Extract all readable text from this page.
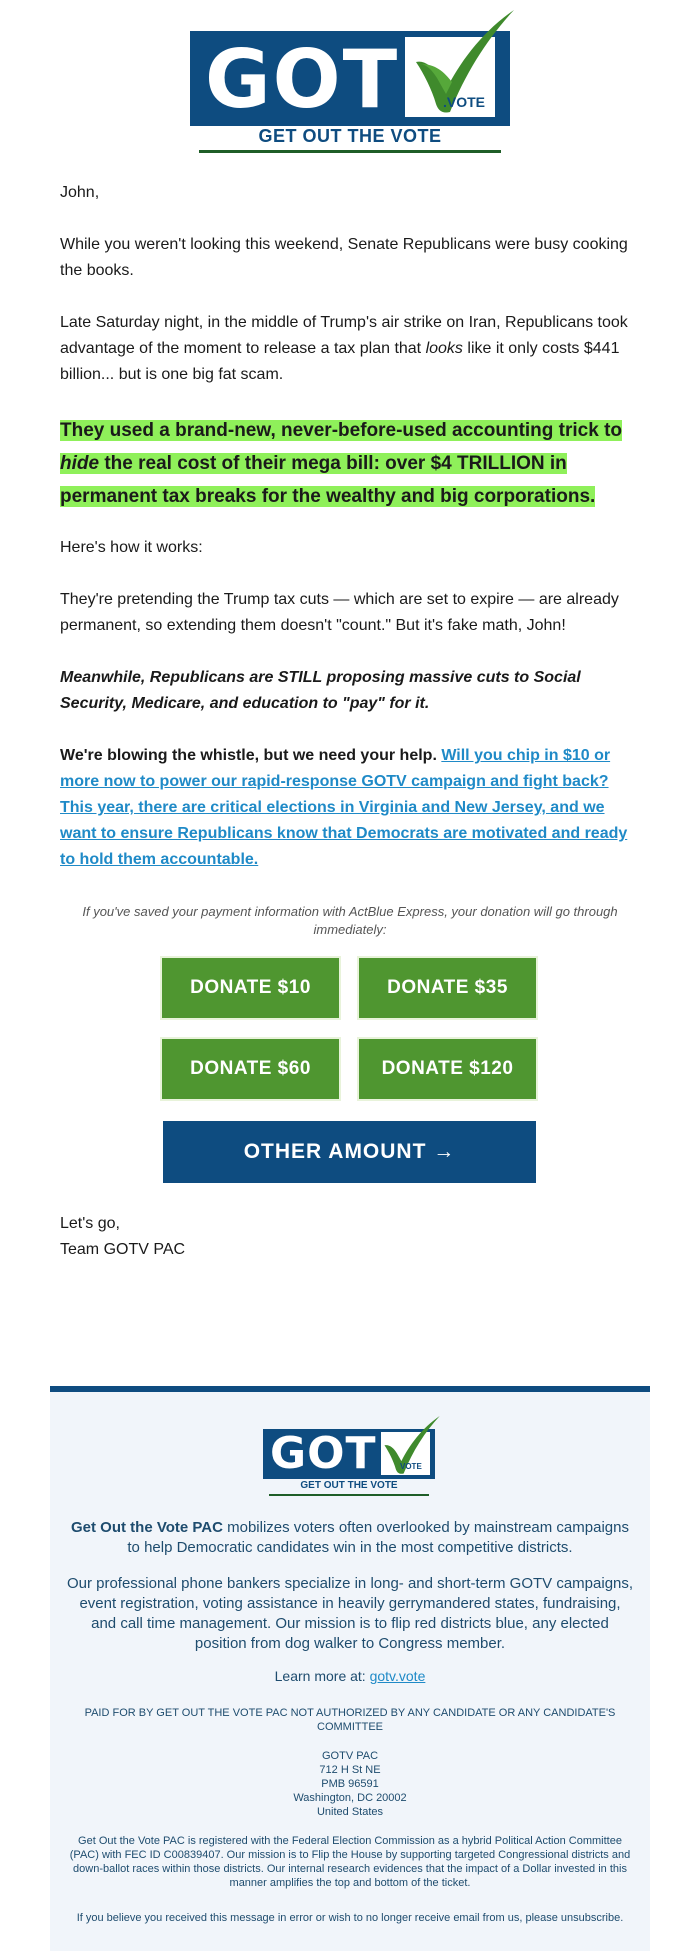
GOT	.VOTE
GET OUT THE VOTE

John,

While you weren't looking this weekend, Senate Republicans were busy cooking the books.

Late Saturday night, in the middle of Trump's air strike on Iran, Republicans took advantage of the moment to release a tax plan that looks like it only costs $441 billion... but is one big fat scam.

They used a brand-new, never-before-used accounting trick to hide the real cost of their mega bill: over $4 TRILLION in permanent tax breaks for the wealthy and big corporations.

Here's how it works:

They're pretending the Trump tax cuts — which are set to expire — are already permanent, so extending them doesn't "count." But it's fake math, John!

Meanwhile, Republicans are STILL proposing massive cuts to Social Security, Medicare, and education to "pay" for it.

We're blowing the whistle, but we need your help. Will you chip in $10 or more now to power our rapid-response GOTV campaign and fight back? This year, there are critical elections in Virginia and New Jersey, and we want to ensure Republicans know that Democrats are motivated and ready to hold them accountable.

If you've saved your payment information with ActBlue Express, your donation will go through immediately:
DONATE $10	DONATE $35
DONATE $60	DONATE $120
OTHER AMOUNT →
Let's go,
Team GOTV PAC
GOT	VOTE
GET OUT THE VOTE
Get Out the Vote PAC mobilizes voters often overlooked by mainstream campaigns to help Democratic candidates win in the most competitive districts.
Our professional phone bankers specialize in long- and short-term GOTV campaigns, event registration, voting assistance in heavily gerrymandered states, fundraising, and call time management. Our mission is to flip red districts blue, any elected position from dog walker to Congress member.
Learn more at: gotv.vote
PAID FOR BY GET OUT THE VOTE PAC NOT AUTHORIZED BY ANY CANDIDATE OR ANY CANDIDATE'S COMMITTEE
GOTV PAC
712 H St NE
PMB 96591
Washington, DC 20002
United States
Get Out the Vote PAC is registered with the Federal Election Commission as a hybrid Political Action Committee (PAC) with FEC ID C00839407. Our mission is to Flip the House by supporting targeted Congressional districts and down-ballot races within those districts. Our internal research evidences that the impact of a Dollar invested in this manner amplifies the top and bottom of the ticket.
If you believe you received this message in error or wish to no longer receive email from us, please unsubscribe.
